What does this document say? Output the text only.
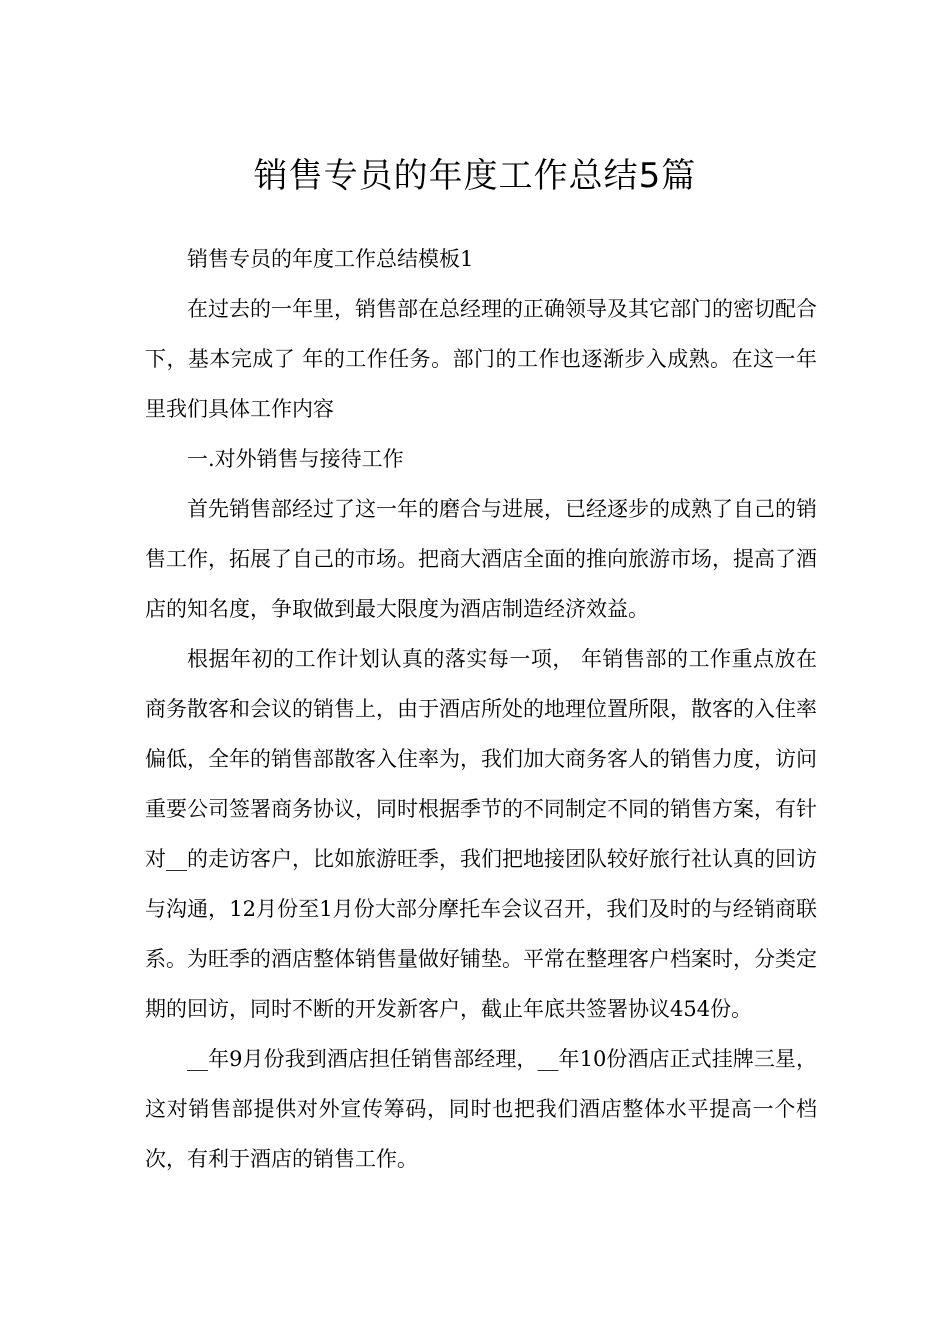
销售专员的年度工作总结5篇

销售专员的年度工作总结模板1

在过去的一年里，销售部在总经理的正确领导及其它部门的密切配合下，基本完成了 年的工作任务。部门的工作也逐渐步入成熟。在这一年里我们具体工作内容

一.对外销售与接待工作

首先销售部经过了这一年的磨合与进展，已经逐步的成熟了自己的销售工作，拓展了自己的市场。把商大酒店全面的推向旅游市场，提高了酒店的知名度，争取做到最大限度为酒店制造经济效益。

根据年初的工作计划认真的落实每一项， 年销售部的工作重点放在商务散客和会议的销售上，由于酒店所处的地理位置所限，散客的入住率偏低，全年的销售部散客入住率为，我们加大商务客人的销售力度，访问重要公司签署商务协议，同时根据季节的不同制定不同的销售方案，有针对__的走访客户，比如旅游旺季，我们把地接团队较好旅行社认真的回访与沟通，12月份至1月份大部分摩托车会议召开，我们及时的与经销商联系。为旺季的酒店整体销售量做好铺垫。平常在整理客户档案时，分类定期的回访，同时不断的开发新客户，截止年底共签署协议454份。

__年9月份我到酒店担任销售部经理，__年10份酒店正式挂牌三星，这对销售部提供对外宣传筹码，同时也把我们酒店整体水平提高一个档次，有利于酒店的销售工作。
